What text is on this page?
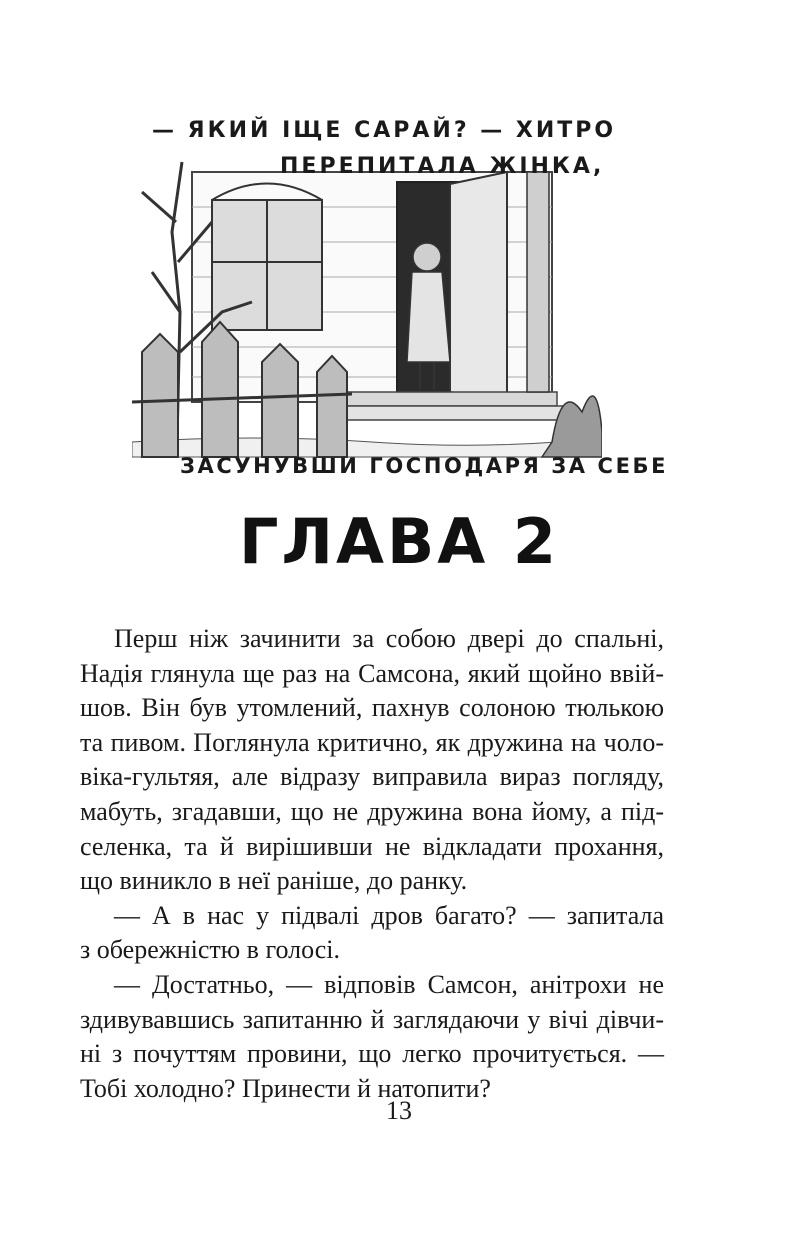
— ЯКИЙ ІЩЕ САРАЙ? — ХИТРО
ПЕРЕПИТАЛА ЖІНКА,
ЗАСУНУВШИ ГОСПОДАРЯ ЗА СЕБЕ
ГЛАВА 2
Перш ніж зачинити за собою двері до спальні,
Надія глянула ще раз на Самсона, який щойно ввій-
шов. Він був утомлений, пахнув солоною тюлькою
та пивом. Поглянула критично, як дружина на чоло-
віка-гультяя, але відразу виправила вираз погляду,
мабуть, згадавши, що не дружина вона йому, а під-
селенка, та й вирішивши не відкладати прохання,
що виникло в неї раніше, до ранку.
— А в нас у підвалі дров багато? — запитала
з обережністю в голосі.
— Достатньо, — відповів Самсон, анітрохи не
здивувавшись запитанню й заглядаючи у вічі дівчи-
ні з почуттям провини, що легко прочитується. —
Тобі холодно? Принести й натопити?
13
